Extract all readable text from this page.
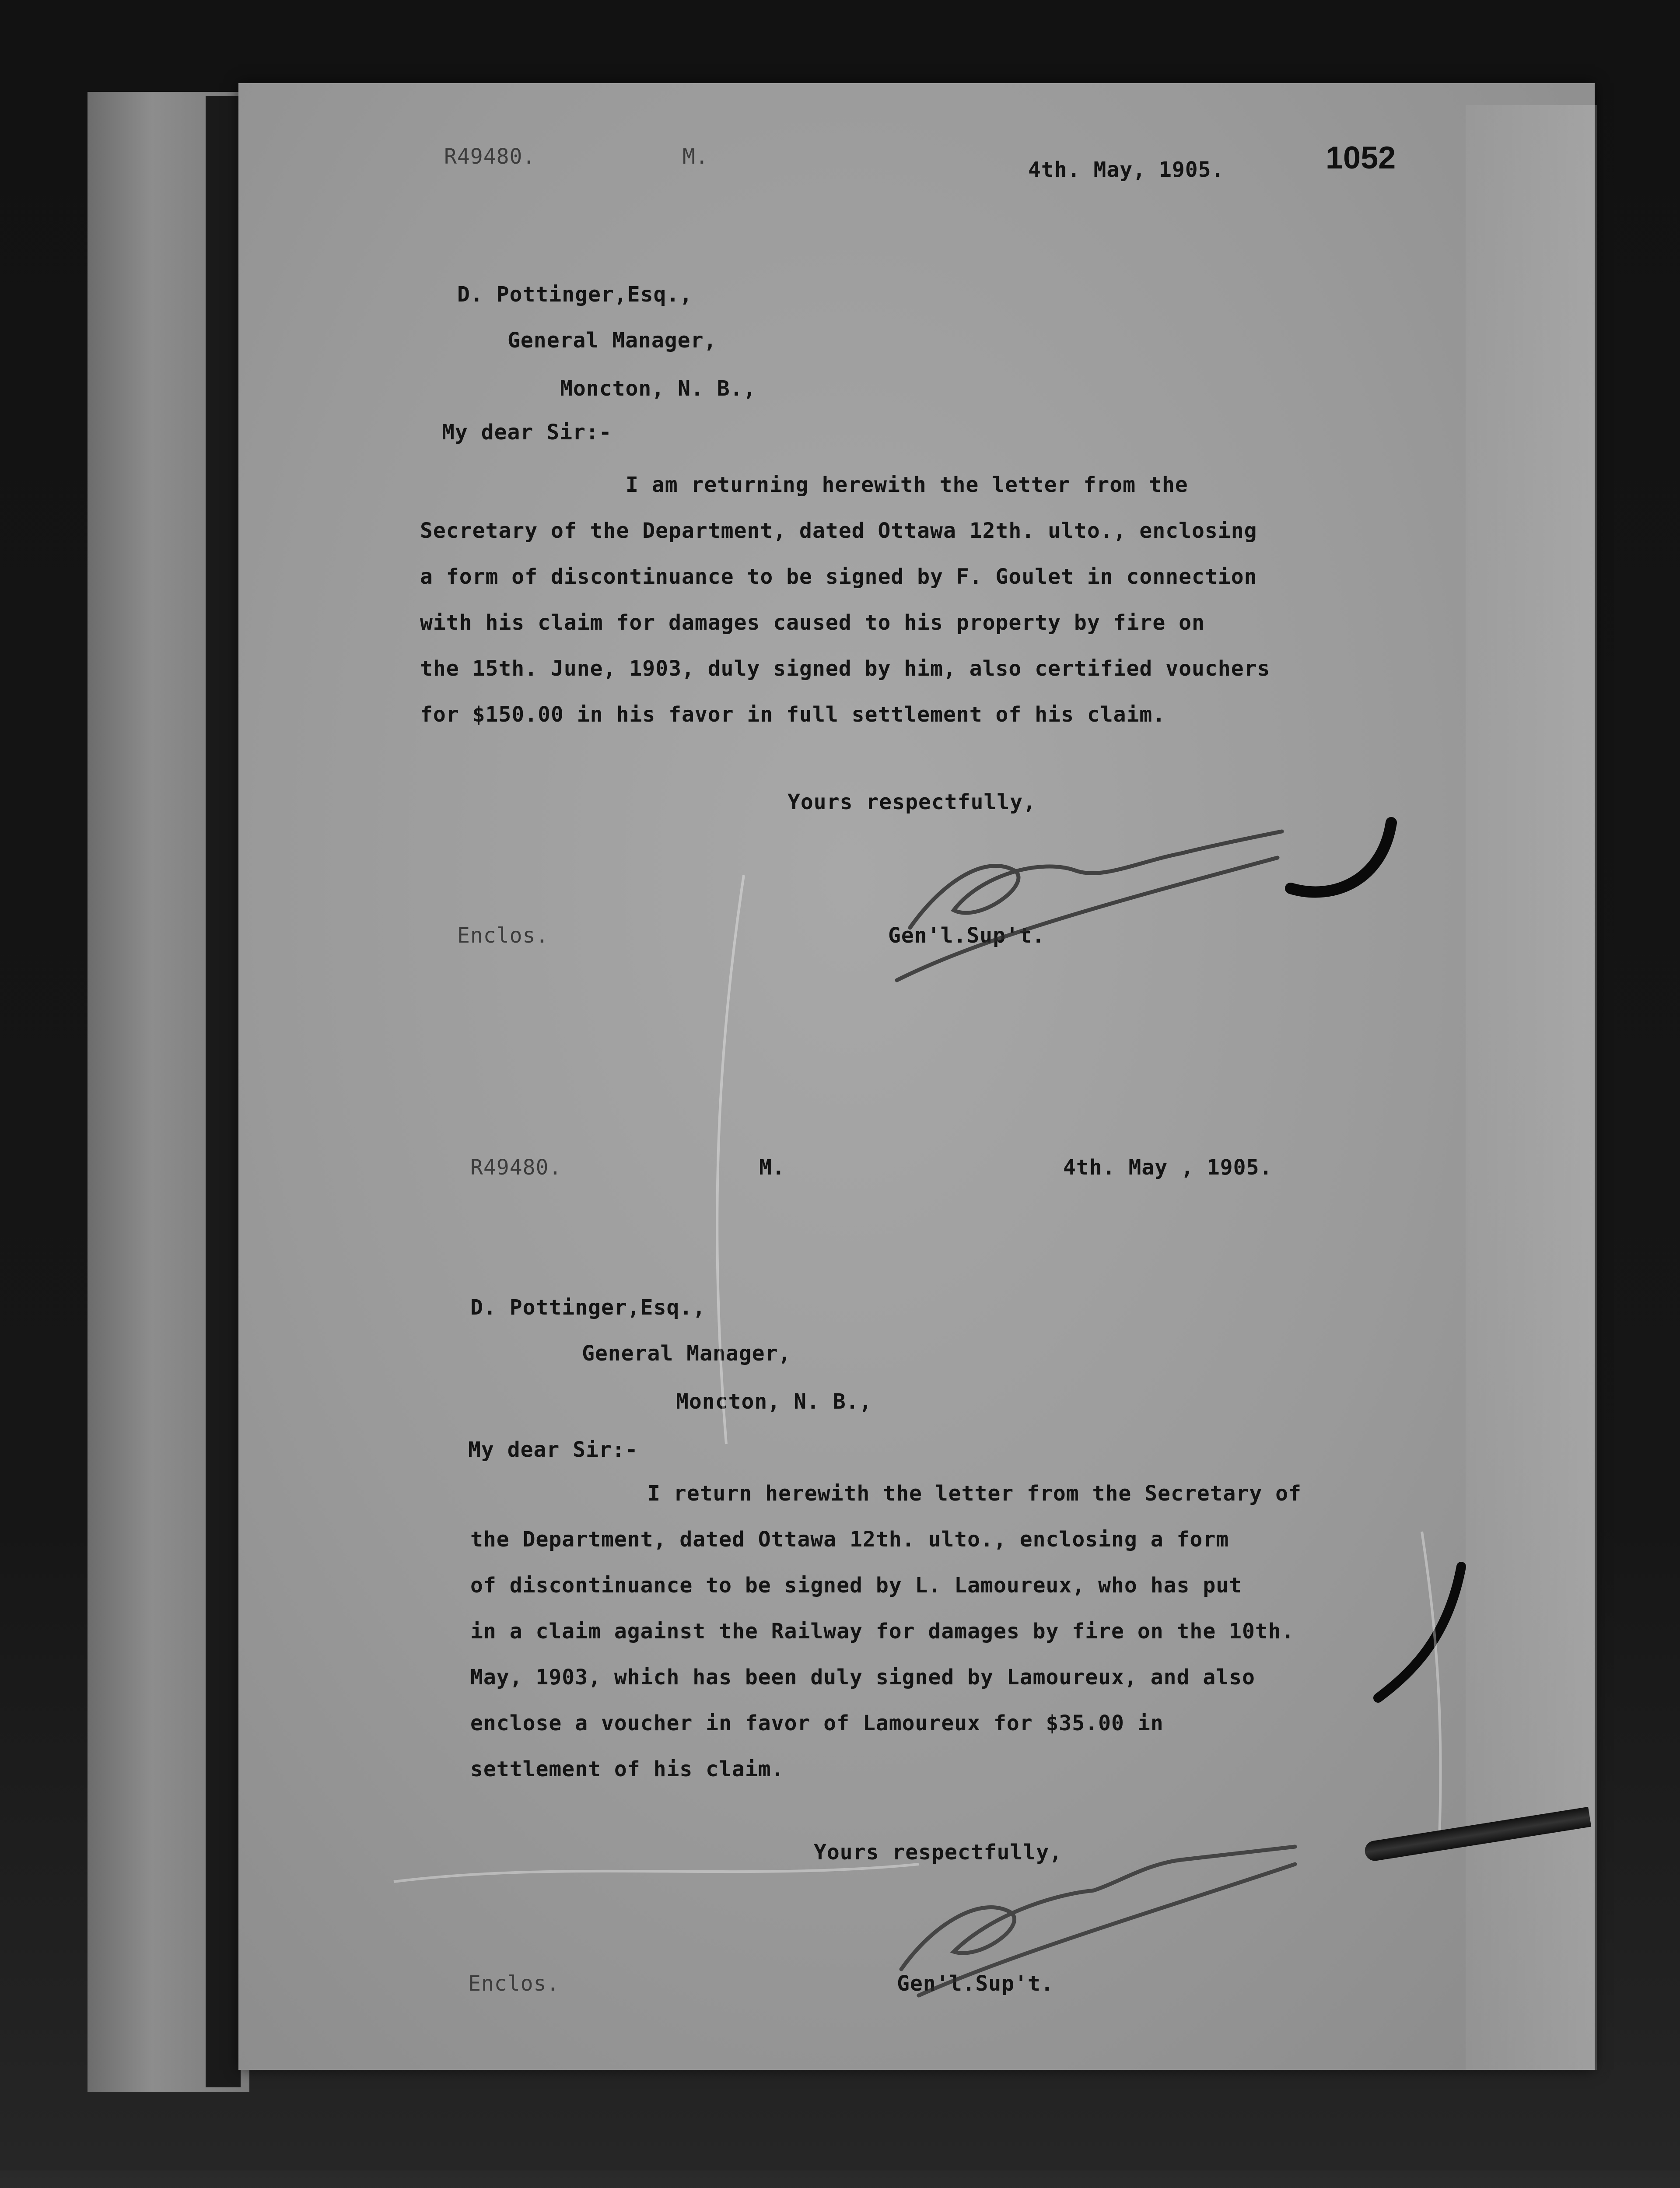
1052
R49480.	M.
4th. May, 1905.
D. Pottinger,Esq.,
General Manager,
Moncton, N. B.,
My dear Sir:-
I am returning herewith the letter from the
Secretary of the Department, dated Ottawa 12th. ulto., enclosing
a form of discontinuance to be signed by F. Goulet in connection
with his claim for damages caused to his property by fire on
the 15th. June, 1903, duly signed by him, also certified vouchers
for $150.00 in his favor in full settlement of his claim.
Yours respectfully,
Enclos.	Gen'l.Sup't.
R49480.	M.	4th. May , 1905.
D. Pottinger,Esq.,
General Manager,
Moncton, N. B.,
My dear Sir:-
I return herewith the letter from the Secretary of
the Department, dated Ottawa 12th. ulto., enclosing a form
of discontinuance to be signed by L. Lamoureux, who has put
in a claim against the Railway for damages by fire on the 10th.
May, 1903, which has been duly signed by Lamoureux, and also
enclose a voucher in favor of Lamoureux for $35.00 in
settlement of his claim.
Yours respectfully,
Enclos.	Gen'l.Sup't.
